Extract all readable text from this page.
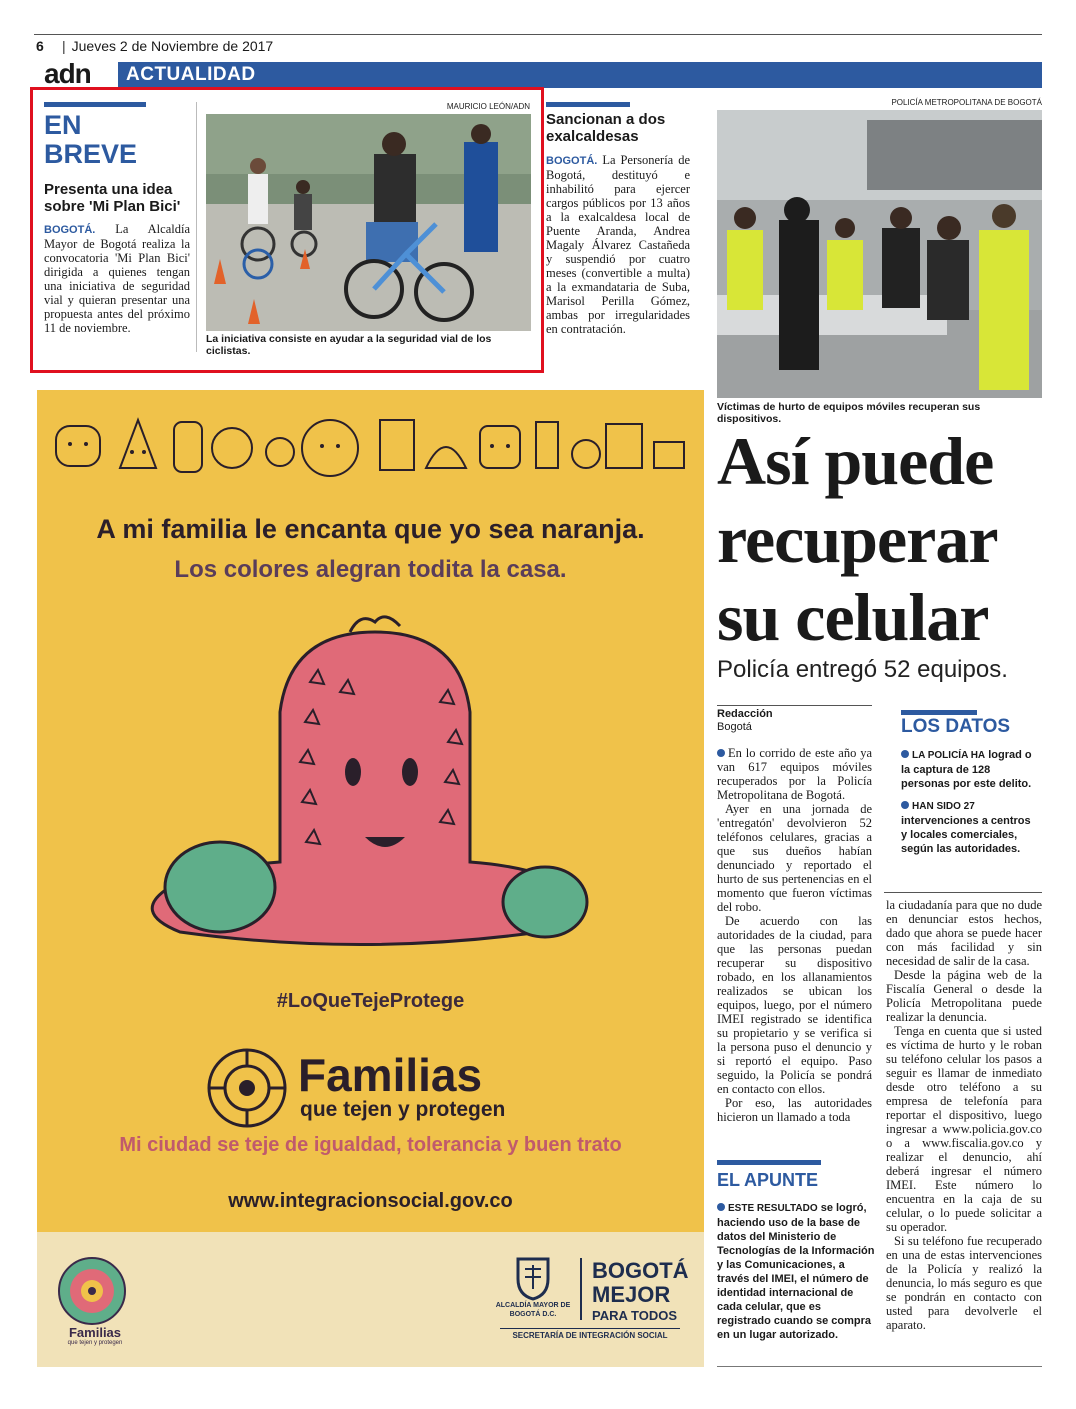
6
|	Jueves 2 de Noviembre de 2017
adn ACTUALIDAD
EN
BREVE
Presenta una idea sobre 'Mi Plan Bici'
BOGOTÁ. La Alcaldía Mayor de Bogotá realiza la convocatoria 'Mi Plan Bici' dirigida a quienes tengan una iniciativa de seguridad vial y quieran presentar una propuesta antes del próximo 11 de noviembre.
MAURICIO LEÓN/ADN
La iniciativa consiste en ayudar a la seguridad vial de los ciclistas.
Sancionan a dos exalcaldesas
BOGOTÁ. La Personería de Bogotá, destituyó e inhabilitó para ejercer cargos públicos por 13 años a la exalcaldesa local de Puente Aranda, Andrea Magaly Álvarez Castañeda y suspendió por cuatro meses (convertible a multa) a la exmandataria de Suba, Marisol Perilla Gómez, ambas por irregularidades en contratación.
POLICÍA METROPOLITANA DE BOGOTÁ
Víctimas de hurto de equipos móviles recuperan sus dispositivos.
Así puede recuperar su celular
Policía entregó 52 equipos.
Redacción
Bogotá

En lo corrido de este año ya van 617 equipos móviles recuperados por la Policía Metropolitana de Bogotá.

Ayer en una jornada de 'entregatón' devolvieron 52 teléfonos celulares, gracias a que sus dueños habían denunciado y reportado el hurto de sus pertenencias en el momento que fueron víctimas del robo.

De acuerdo con las autoridades de la ciudad, para que las personas puedan recuperar su dispositivo robado, en los allanamientos realizados se ubican los equipos, luego, por el número IMEI registrado se identifica su propietario y se verifica si la persona puso el denuncio y si reportó el equipo. Paso seguido, la Policía se pondrá en contacto con ellos.

Por eso, las autoridades hicieron un llamado a toda

LOS DATOS

LA POLICÍA HA lograd o la captura de 128 personas por este delito.

HAN SIDO 27 intervenciones a centros y locales comerciales, según las autoridades.

la ciudadanía para que no dude en denunciar estos hechos, dado que ahora se puede hacer con más facilidad y sin necesidad de salir de la casa.

Desde la página web de la Fiscalía General o desde la Policía Metropolitana puede realizar la denuncia.

Tenga en cuenta que si usted es víctima de hurto y le roban su teléfono celular los pasos a seguir es llamar de inmediato desde otro teléfono a su empresa de telefonía para reportar el dispositivo, luego ingresar a www.policia.gov.co o a www.fiscalia.gov.co y realizar el denuncio, ahí deberá ingresar el número IMEI. Este número lo encuentra en la caja de su celular, o lo puede solicitar a su operador.

Si su teléfono fue recuperado en una de estas intervenciones de la Policía y realizó la denuncia, lo más seguro es que se pondrán en contacto con usted para devolverle el aparato.

EL APUNTE
ESTE RESULTADO se logró, haciendo uso de la base de datos del Ministerio de Tecnologías de la Información y las Comunicaciones, a través del IMEI, el número de identidad internacional de cada celular, que es registrado cuando se compra en un lugar autorizado.
A mi familia le encanta que yo sea naranja.
Los colores alegran todita la casa.
#LoQueTejeProtege
Familias
que tejen y protegen
Mi ciudad se teje de igualdad, tolerancia y buen trato
www.integracionsocial.gov.co
Familias
que tejen y protegen
ALCALDÍA MAYOR DE BOGOTÁ D.C.
BOGOTÁ
MEJOR
PARA TODOS
SECRETARÍA DE INTEGRACIÓN SOCIAL
